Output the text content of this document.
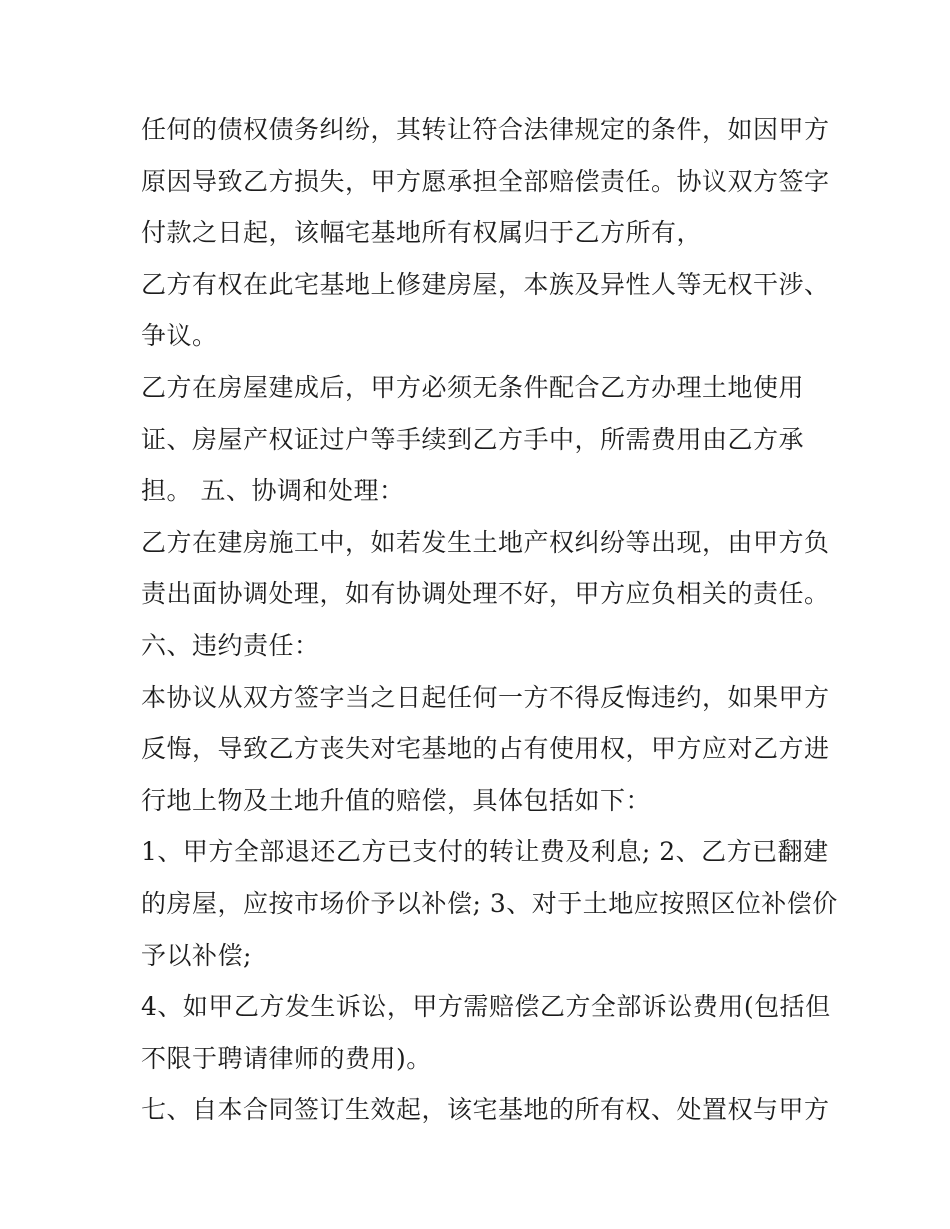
任何的债权债务纠纷，其转让符合法律规定的条件，如因甲方
原因导致乙方损失，甲方愿承担全部赔偿责任。协议双方签字
付款之日起，该幅宅基地所有权属归于乙方所有，
乙方有权在此宅基地上修建房屋，本族及异性人等无权干涉、
争议。
乙方在房屋建成后，甲方必须无条件配合乙方办理土地使用
证、房屋产权证过户等手续到乙方手中，所需费用由乙方承
担。 五、协调和处理：
乙方在建房施工中，如若发生土地产权纠纷等出现，由甲方负
责出面协调处理，如有协调处理不好，甲方应负相关的责任。
六、违约责任：
本协议从双方签字当之日起任何一方不得反悔违约，如果甲方
反悔，导致乙方丧失对宅基地的占有使用权，甲方应对乙方进
行地上物及土地升值的赔偿，具体包括如下：
1、甲方全部退还乙方已支付的转让费及利息; 2、乙方已翻建
的房屋，应按市场价予以补偿; 3、对于土地应按照区位补偿价
予以补偿;
4、如甲乙方发生诉讼，甲方需赔偿乙方全部诉讼费用(包括但
不限于聘请律师的费用)。
七、自本合同签订生效起，该宅基地的所有权、处置权与甲方
